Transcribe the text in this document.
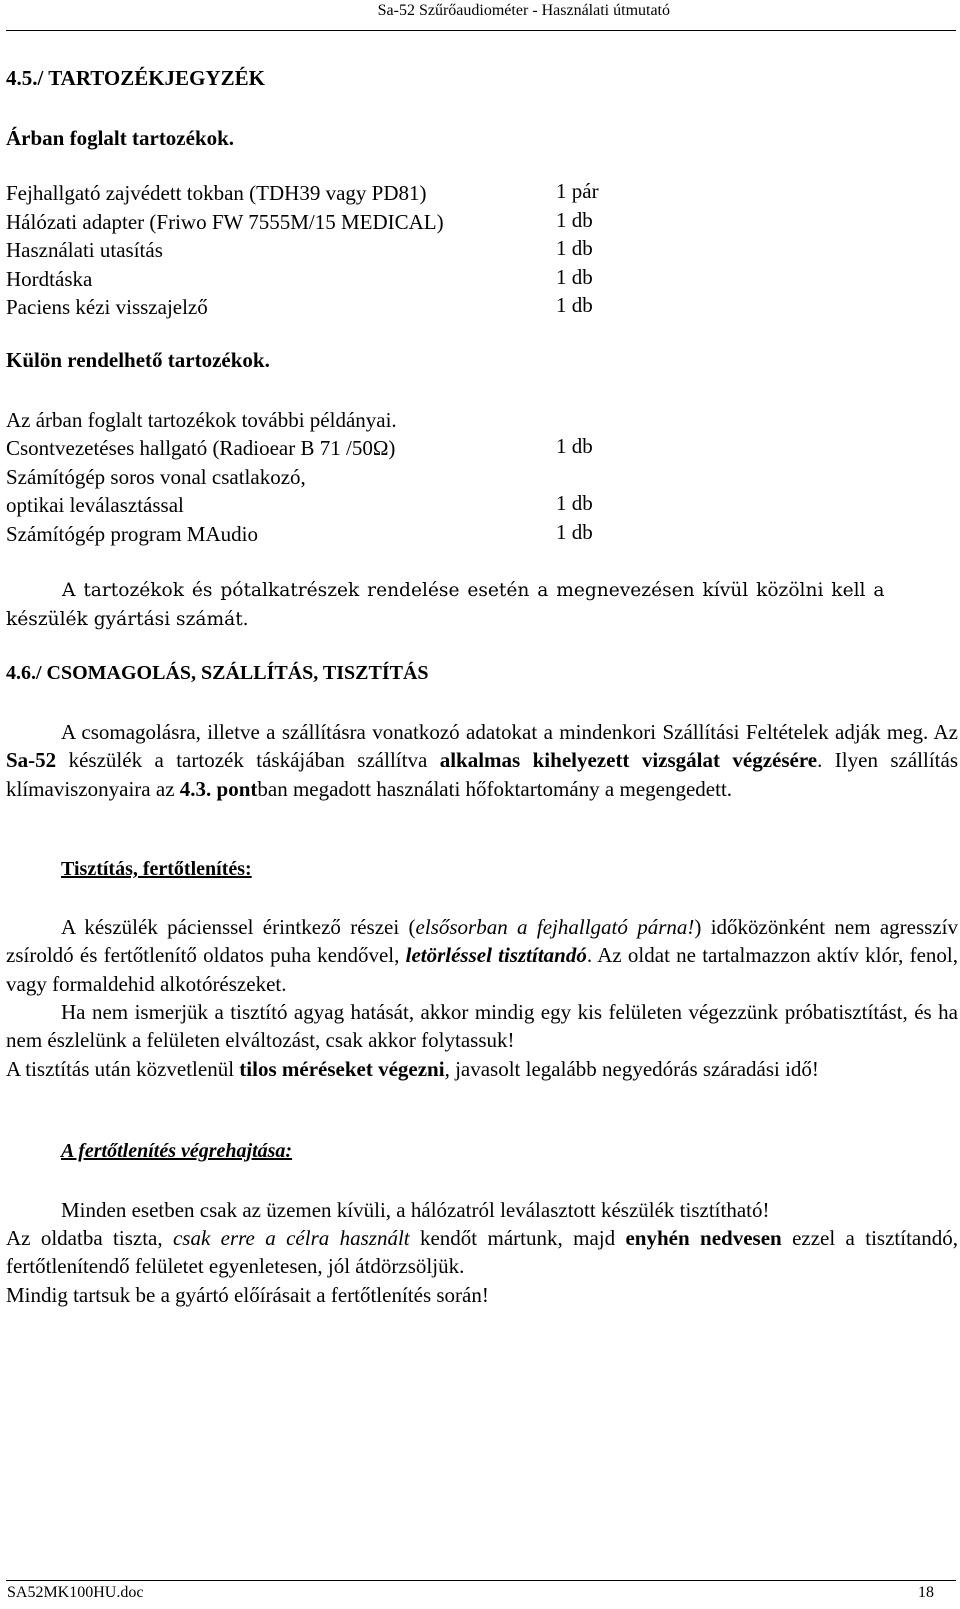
Sa-52 Szűrőaudiométer - Használati útmutató
4.5./ TARTOZÉKJEGYZÉK
Árban foglalt tartozékok.
Fejhallgató zajvédett tokban (TDH39 vagy PD81)	1 pár
Hálózati adapter (Friwo FW 7555M/15 MEDICAL)	1 db
Használati utasítás	1 db
Hordtáska	1 db
Paciens kézi visszajelző	1 db
Külön rendelhető tartozékok.
Az árban foglalt tartozékok további példányai.
Csontvezetéses hallgató (Radioear B 71 /50Ω)	1 db
Számítógép soros vonal csatlakozó,
optikai leválasztással	1 db
Számítógép program MAudio	1 db
A tartozékok és pótalkatrészek rendelése esetén a megnevezésen kívül közölni kell a
készülék gyártási számát.
4.6./ CSOMAGOLÁS, SZÁLLÍTÁS, TISZTÍTÁS
A csomagolásra, illetve a szállításra vonatkozó adatokat a mindenkori Szállítási Feltételek adják meg. Az Sa-52 készülék a tartozék táskájában szállítva alkalmas kihelyezett vizsgálat végzésére. Ilyen szállítás klímaviszonyaira az 4.3. pontban megadott használati hőfoktartomány a megengedett.
Tisztítás, fertőtlenítés:
A készülék pácienssel érintkező részei (elsősorban a fejhallgató párna!) időközönként nem agresszív zsíroldó és fertőtlenítő oldatos puha kendővel, letörléssel tisztítandó. Az oldat ne tartalmazzon aktív klór, fenol, vagy formaldehid alkotórészeket.
Ha nem ismerjük a tisztító agyag hatását, akkor mindig egy kis felületen végezzünk próbatisztítást, és ha nem észlelünk a felületen elváltozást, csak akkor folytassuk!
A tisztítás után közvetlenül tilos méréseket végezni, javasolt legalább negyedórás száradási idő!
A fertőtlenítés végrehajtása:
Minden esetben csak az üzemen kívüli, a hálózatról leválasztott készülék tisztítható!
Az oldatba tiszta, csak erre a célra használt kendőt mártunk, majd enyhén nedvesen ezzel a tisztítandó, fertőtlenítendő felületet egyenletesen, jól átdörzsöljük.
Mindig tartsuk be a gyártó előírásait a fertőtlenítés során!
SA52MK100HU.doc	18
